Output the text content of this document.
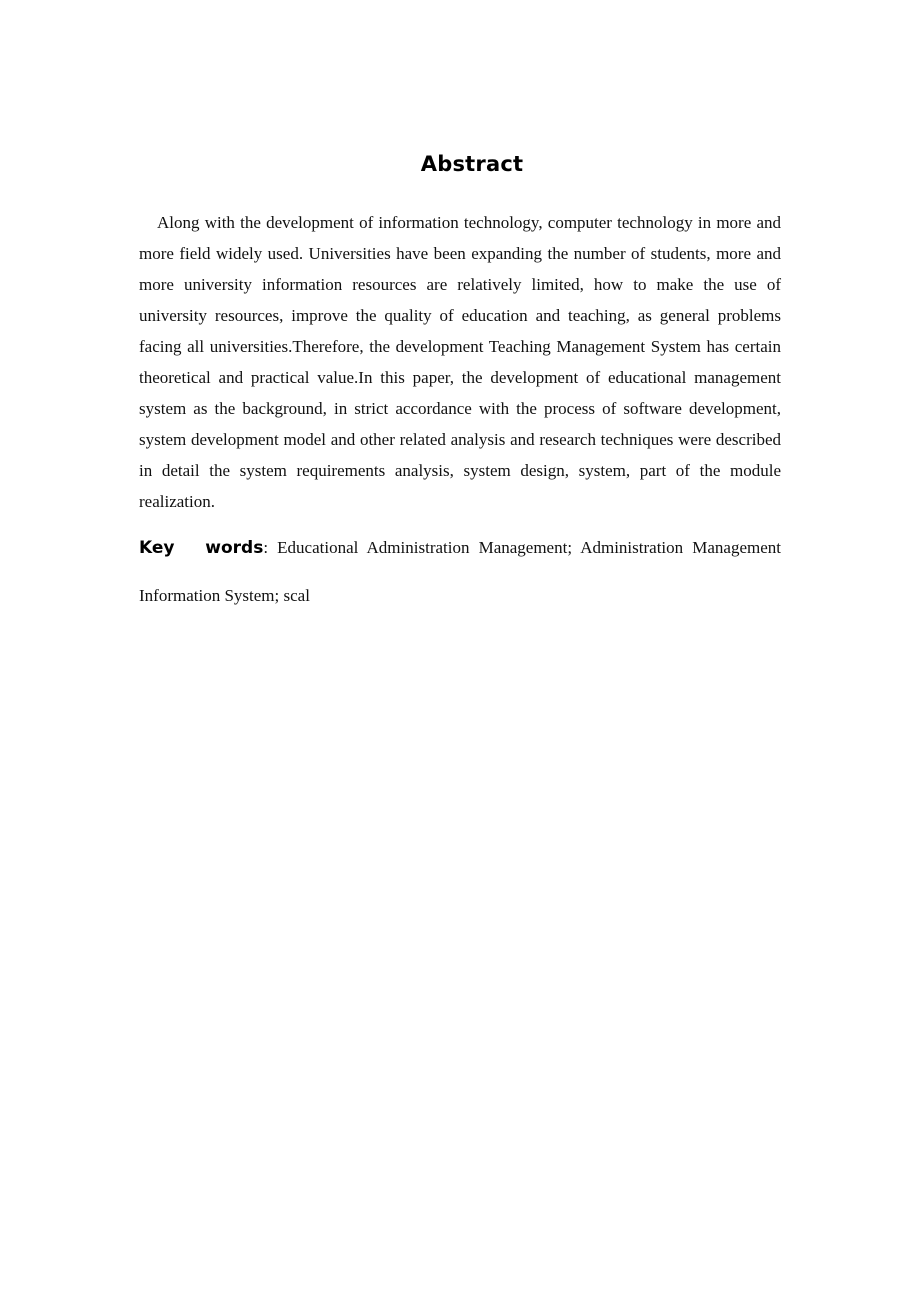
Abstract

Along with the development of information technology, computer technology in more and more field widely used. Universities have been expanding the number of students, more and more university information resources are relatively limited, how to make the use of university resources, improve the quality of education and teaching, as general problems facing all universities.Therefore, the development Teaching Management System has certain theoretical and practical value.In this paper, the development of educational management system as the background, in strict accordance with the process of software development, system development model and other related analysis and research techniques were described in detail the system requirements analysis, system design, system, part of the module realization.

Key words: Educational Administration Management; Administration Management Information System; scal
